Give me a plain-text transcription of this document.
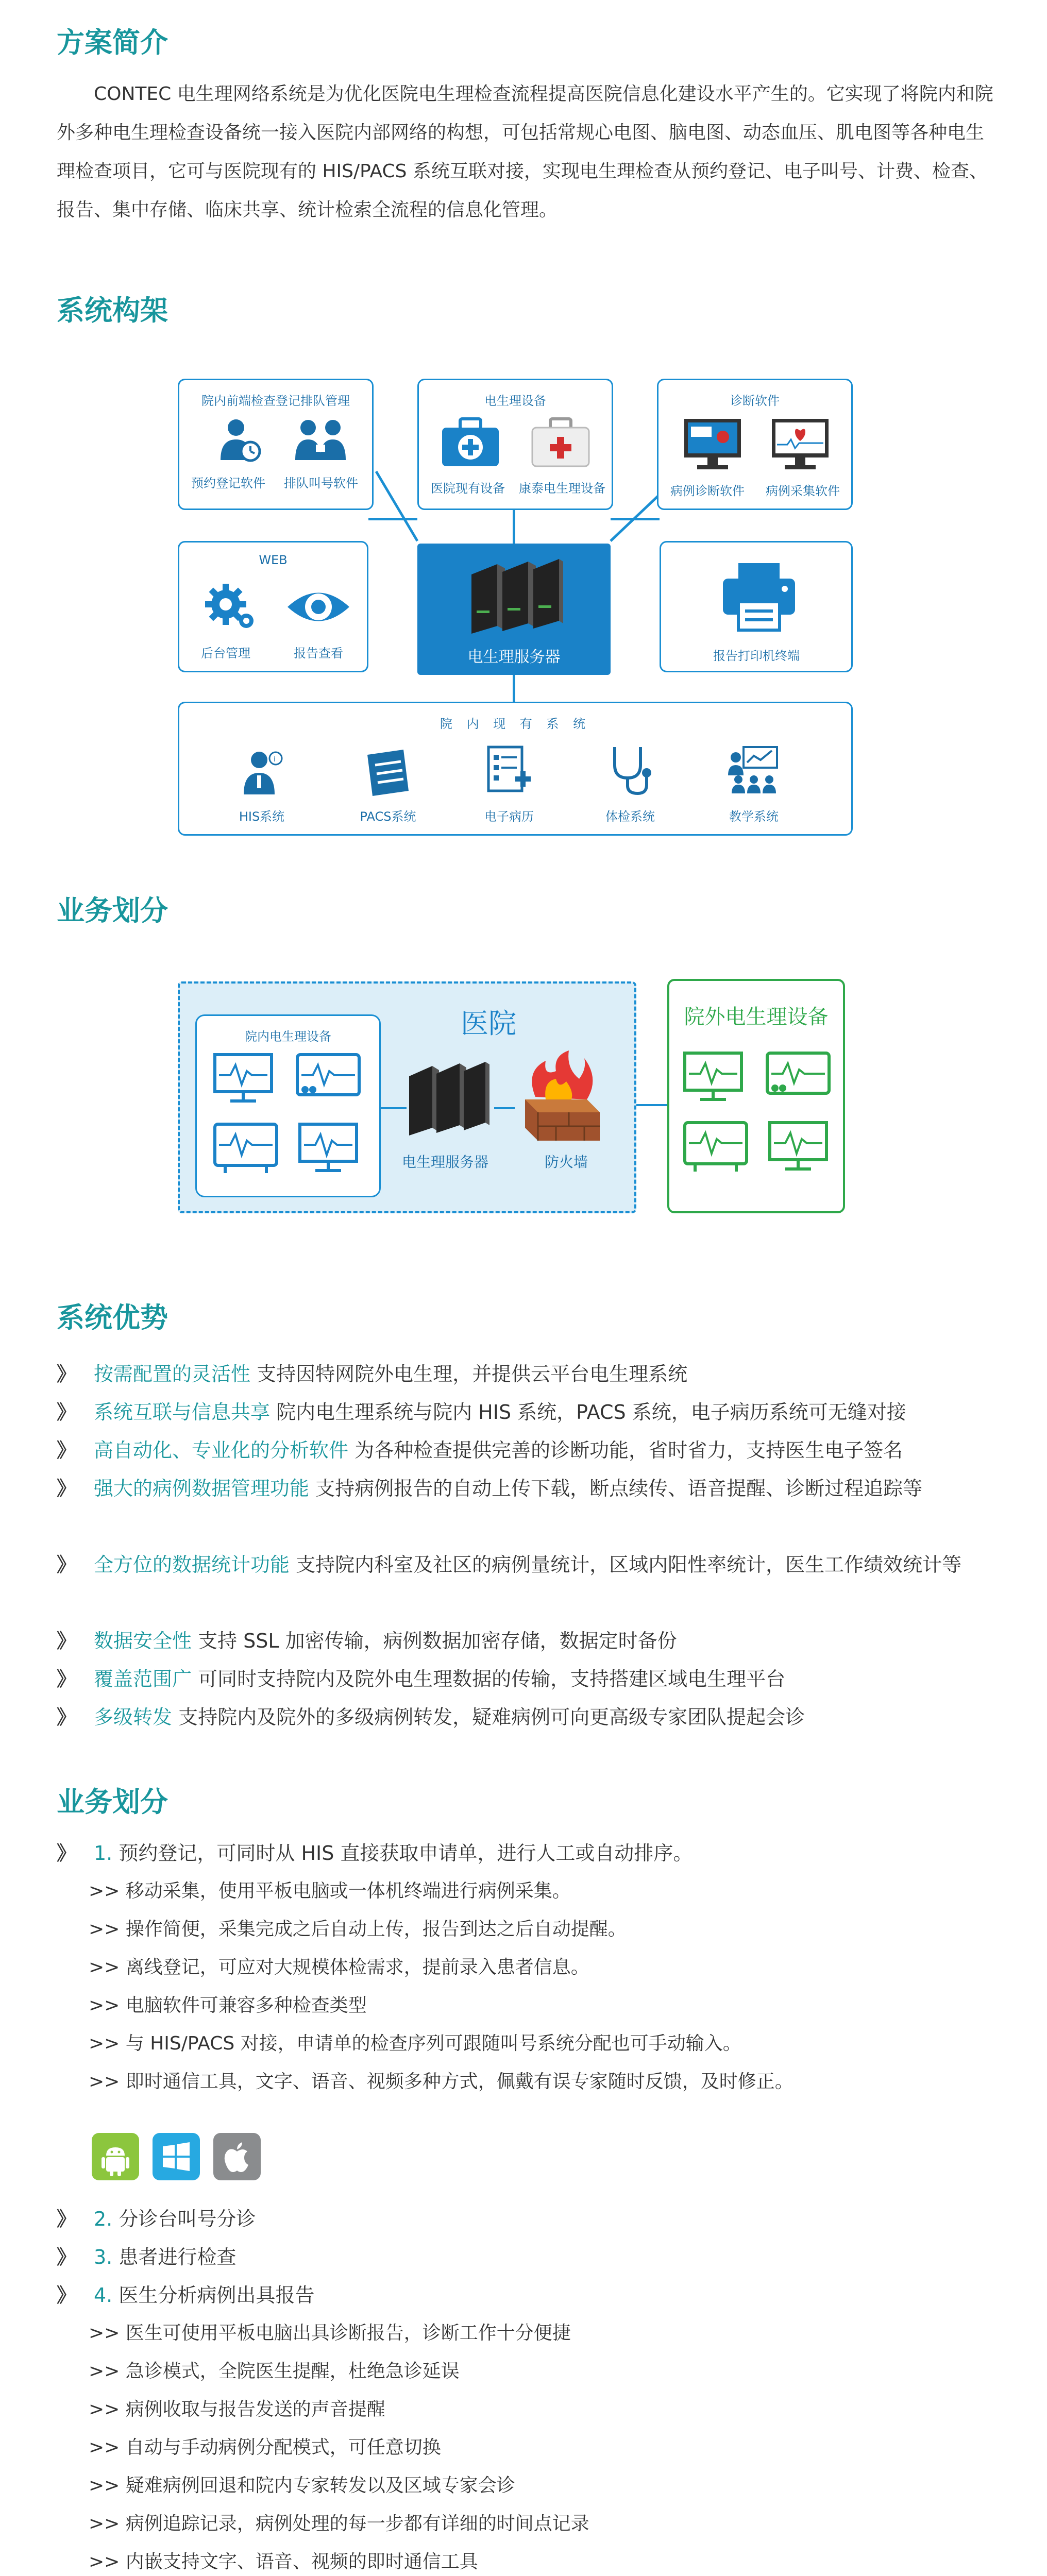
方案简介

CONTEC 电生理网络系统是为优化医院电生理检查流程提高医院信息化建设水平产生的。它实现了将院内和院外多种电生理检查设备统一接入医院内部网络的构想，可包括常规心电图、脑电图、动态血压、肌电图等各种电生理检查项目，它可与医院现有的 HIS/PACS 系统互联对接，实现电生理检查从预约登记、电子叫号、计费、检查、报告、集中存储、临床共享、统计检索全流程的信息化管理。

系统构架
院内前端检查登记排队管理
预约登记软件	排队叫号软件
电生理设备
医院现有设备	康泰电生理设备
诊断软件
病例诊断软件	病例采集软件
WEB
后台管理	报告查看	电生理服务器	报告打印机终端
院 内 现 有 系 统
i
HIS系统	PACS系统	电子病历	体检系统	教学系统
业务划分
医院
院内电生理设备
电生理服务器	防火墙
院外电生理设备
系统优势
》	按需配置的灵活性 支持因特网院外电生理，并提供云平台电生理系统
》	系统互联与信息共享 院内电生理系统与院内 HIS 系统，PACS 系统，电子病历系统可无缝对接
》	高自动化、专业化的分析软件 为各种检查提供完善的诊断功能，省时省力，支持医生电子签名
》	强大的病例数据管理功能 支持病例报告的自动上传下载，断点续传、语音提醒、诊断过程追踪等
》	全方位的数据统计功能 支持院内科室及社区的病例量统计，区域内阳性率统计，医生工作绩效统计等
》	数据安全性 支持 SSL 加密传输，病例数据加密存储，数据定时备份
》	覆盖范围广 可同时支持院内及院外电生理数据的传输，支持搭建区域电生理平台
》	多级转发 支持院内及院外的多级病例转发，疑难病例可向更高级专家团队提起会诊
业务划分
》	1. 预约登记，可同时从 HIS 直接获取申请单，进行人工或自动排序。
>> 移动采集，使用平板电脑或一体机终端进行病例采集。
>> 操作简便，采集完成之后自动上传，报告到达之后自动提醒。
>> 离线登记，可应对大规模体检需求，提前录入患者信息。
>> 电脑软件可兼容多种检查类型
>> 与 HIS/PACS 对接，申请单的检查序列可跟随叫号系统分配也可手动输入。
>> 即时通信工具，文字、语音、视频多种方式，佩戴有误专家随时反馈，及时修正。
》	2. 分诊台叫号分诊
》	3. 患者进行检查
》	4. 医生分析病例出具报告
>> 医生可使用平板电脑出具诊断报告，诊断工作十分便捷
>> 急诊模式，全院医生提醒，杜绝急诊延误
>> 病例收取与报告发送的声音提醒
>> 自动与手动病例分配模式，可任意切换
>> 疑难病例回退和院内专家转发以及区域专家会诊
>> 病例追踪记录，病例处理的每一步都有详细的时间点记录
>> 内嵌支持文字、语音、视频的即时通信工具
